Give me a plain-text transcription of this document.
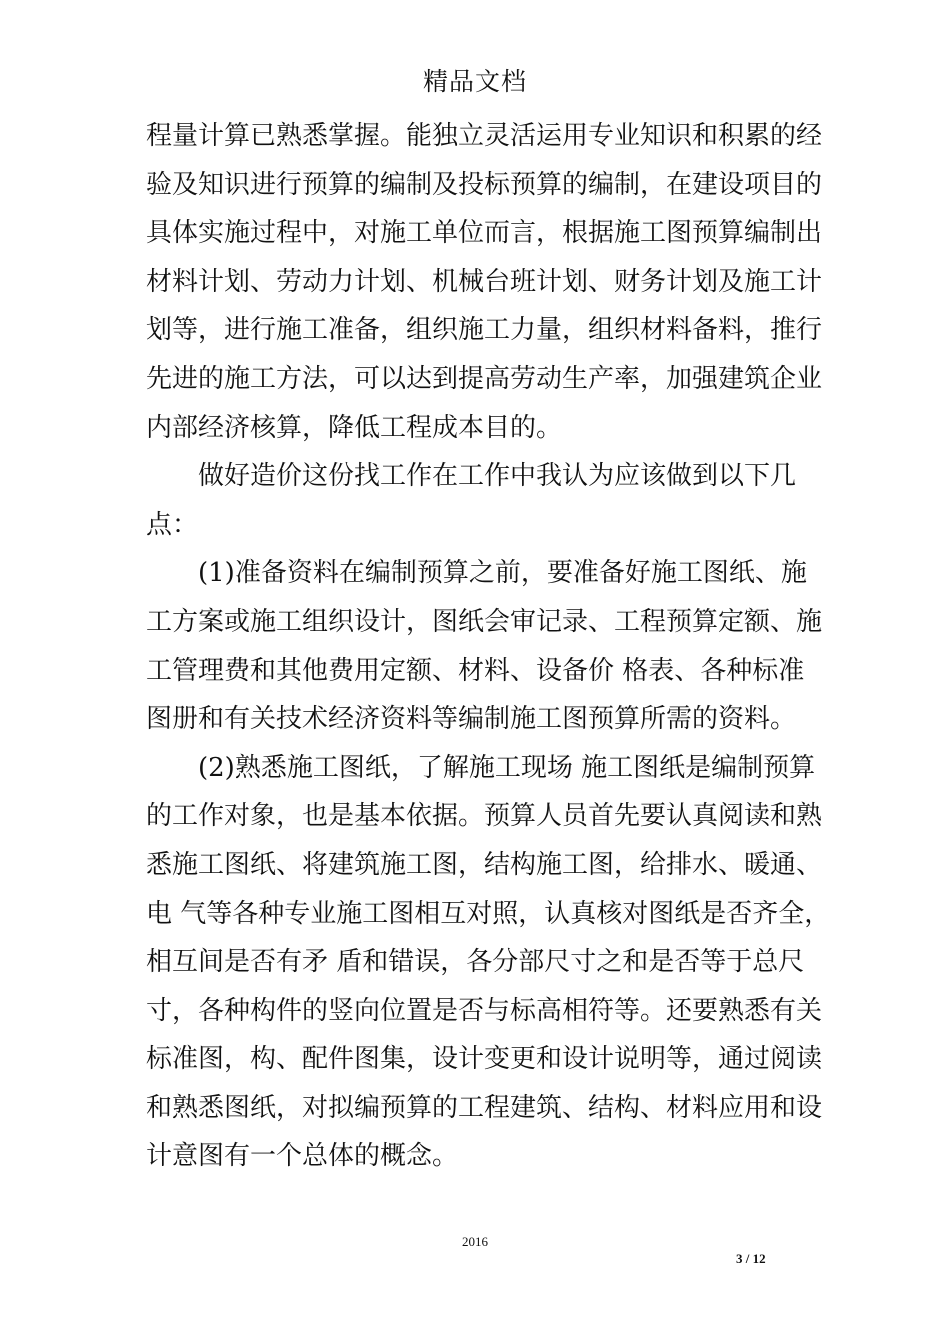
精品文档
程量计算已熟悉掌握。能独立灵活运用专业知识和积累的经
验及知识进行预算的编制及投标预算的编制，在建设项目的
具体实施过程中，对施工单位而言，根据施工图预算编制出
材料计划、劳动力计划、机械台班计划、财务计划及施工计
划等，进行施工准备，组织施工力量，组织材料备料，推行
先进的施工方法，可以达到提高劳动生产率，加强建筑企业
内部经济核算，降低工程成本目的。
做好造价这份找工作在工作中我认为应该做到以下几
点：
(1)准备资料在编制预算之前，要准备好施工图纸、施
工方案或施工组织设计，图纸会审记录、工程预算定额、施
工管理费和其他费用定额、材料、设备价 格表、各种标准
图册和有关技术经济资料等编制施工图预算所需的资料。
(2)熟悉施工图纸，了解施工现场 施工图纸是编制预算
的工作对象，也是基本依据。预算人员首先要认真阅读和熟
悉施工图纸、将建筑施工图，结构施工图，给排水、暖通、
电 气等各种专业施工图相互对照，认真核对图纸是否齐全，
相互间是否有矛 盾和错误，各分部尺寸之和是否等于总尺
寸，各种构件的竖向位置是否与标高相符等。还要熟悉有关
标准图，构、配件图集，设计变更和设计说明等，通过阅读
和熟悉图纸，对拟编预算的工程建筑、结构、材料应用和设
计意图有一个总体的概念。
2016
3 / 12
